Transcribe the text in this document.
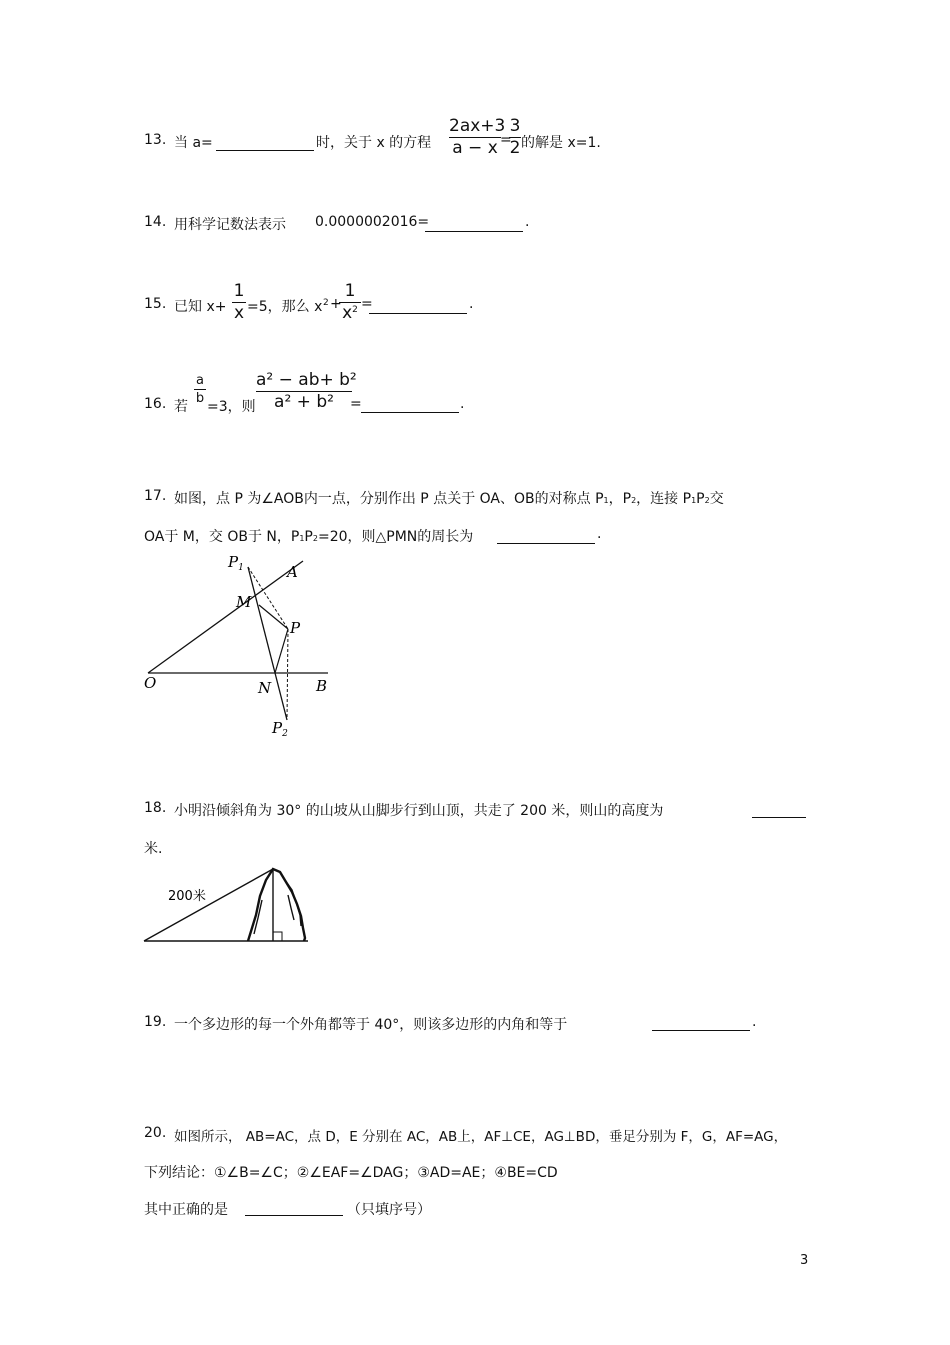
13. 当 a=	时，关于 x 的方程
2ax+3
a − x =
3
2 的解是 x=1.
14. 用科学记数法表示 0.0000002016=	.
15. 已知 x+
1
x =5，那么 x 2 +
1
$x^2$ =	.
16. 若
a
b
=3，则
a² − ab+ b²
a² + b²	=	.
17. 如图，点 P 为∠AOB内一点，分别作出 P 点关于 OA、OB的对称点 P1，P2，连接 P1P2交
OA于 M，交 OB于 N，P1P2=20，则△PMN的周长为	.
$P_1$	A
M
P
O	N	B
$P_2$
18. 小明沿倾斜角为 30° 的山坡从山脚步行到山顶，共走了 200 米，则山的高度为
米.
200米
19. 一个多边形的每一个外角都等于 40°，则该多边形的内角和等于	.
20. 如图所示， AB=AC，点 D，E 分别在 AC，AB上，AF⊥CE，AG⊥BD，垂足分别为 F，G，AF=AG，
下列结论：①∠B=∠C；②∠EAF=∠DAG；③AD=AE；④BE=CD
其中正确的是	（只填序号）
3
